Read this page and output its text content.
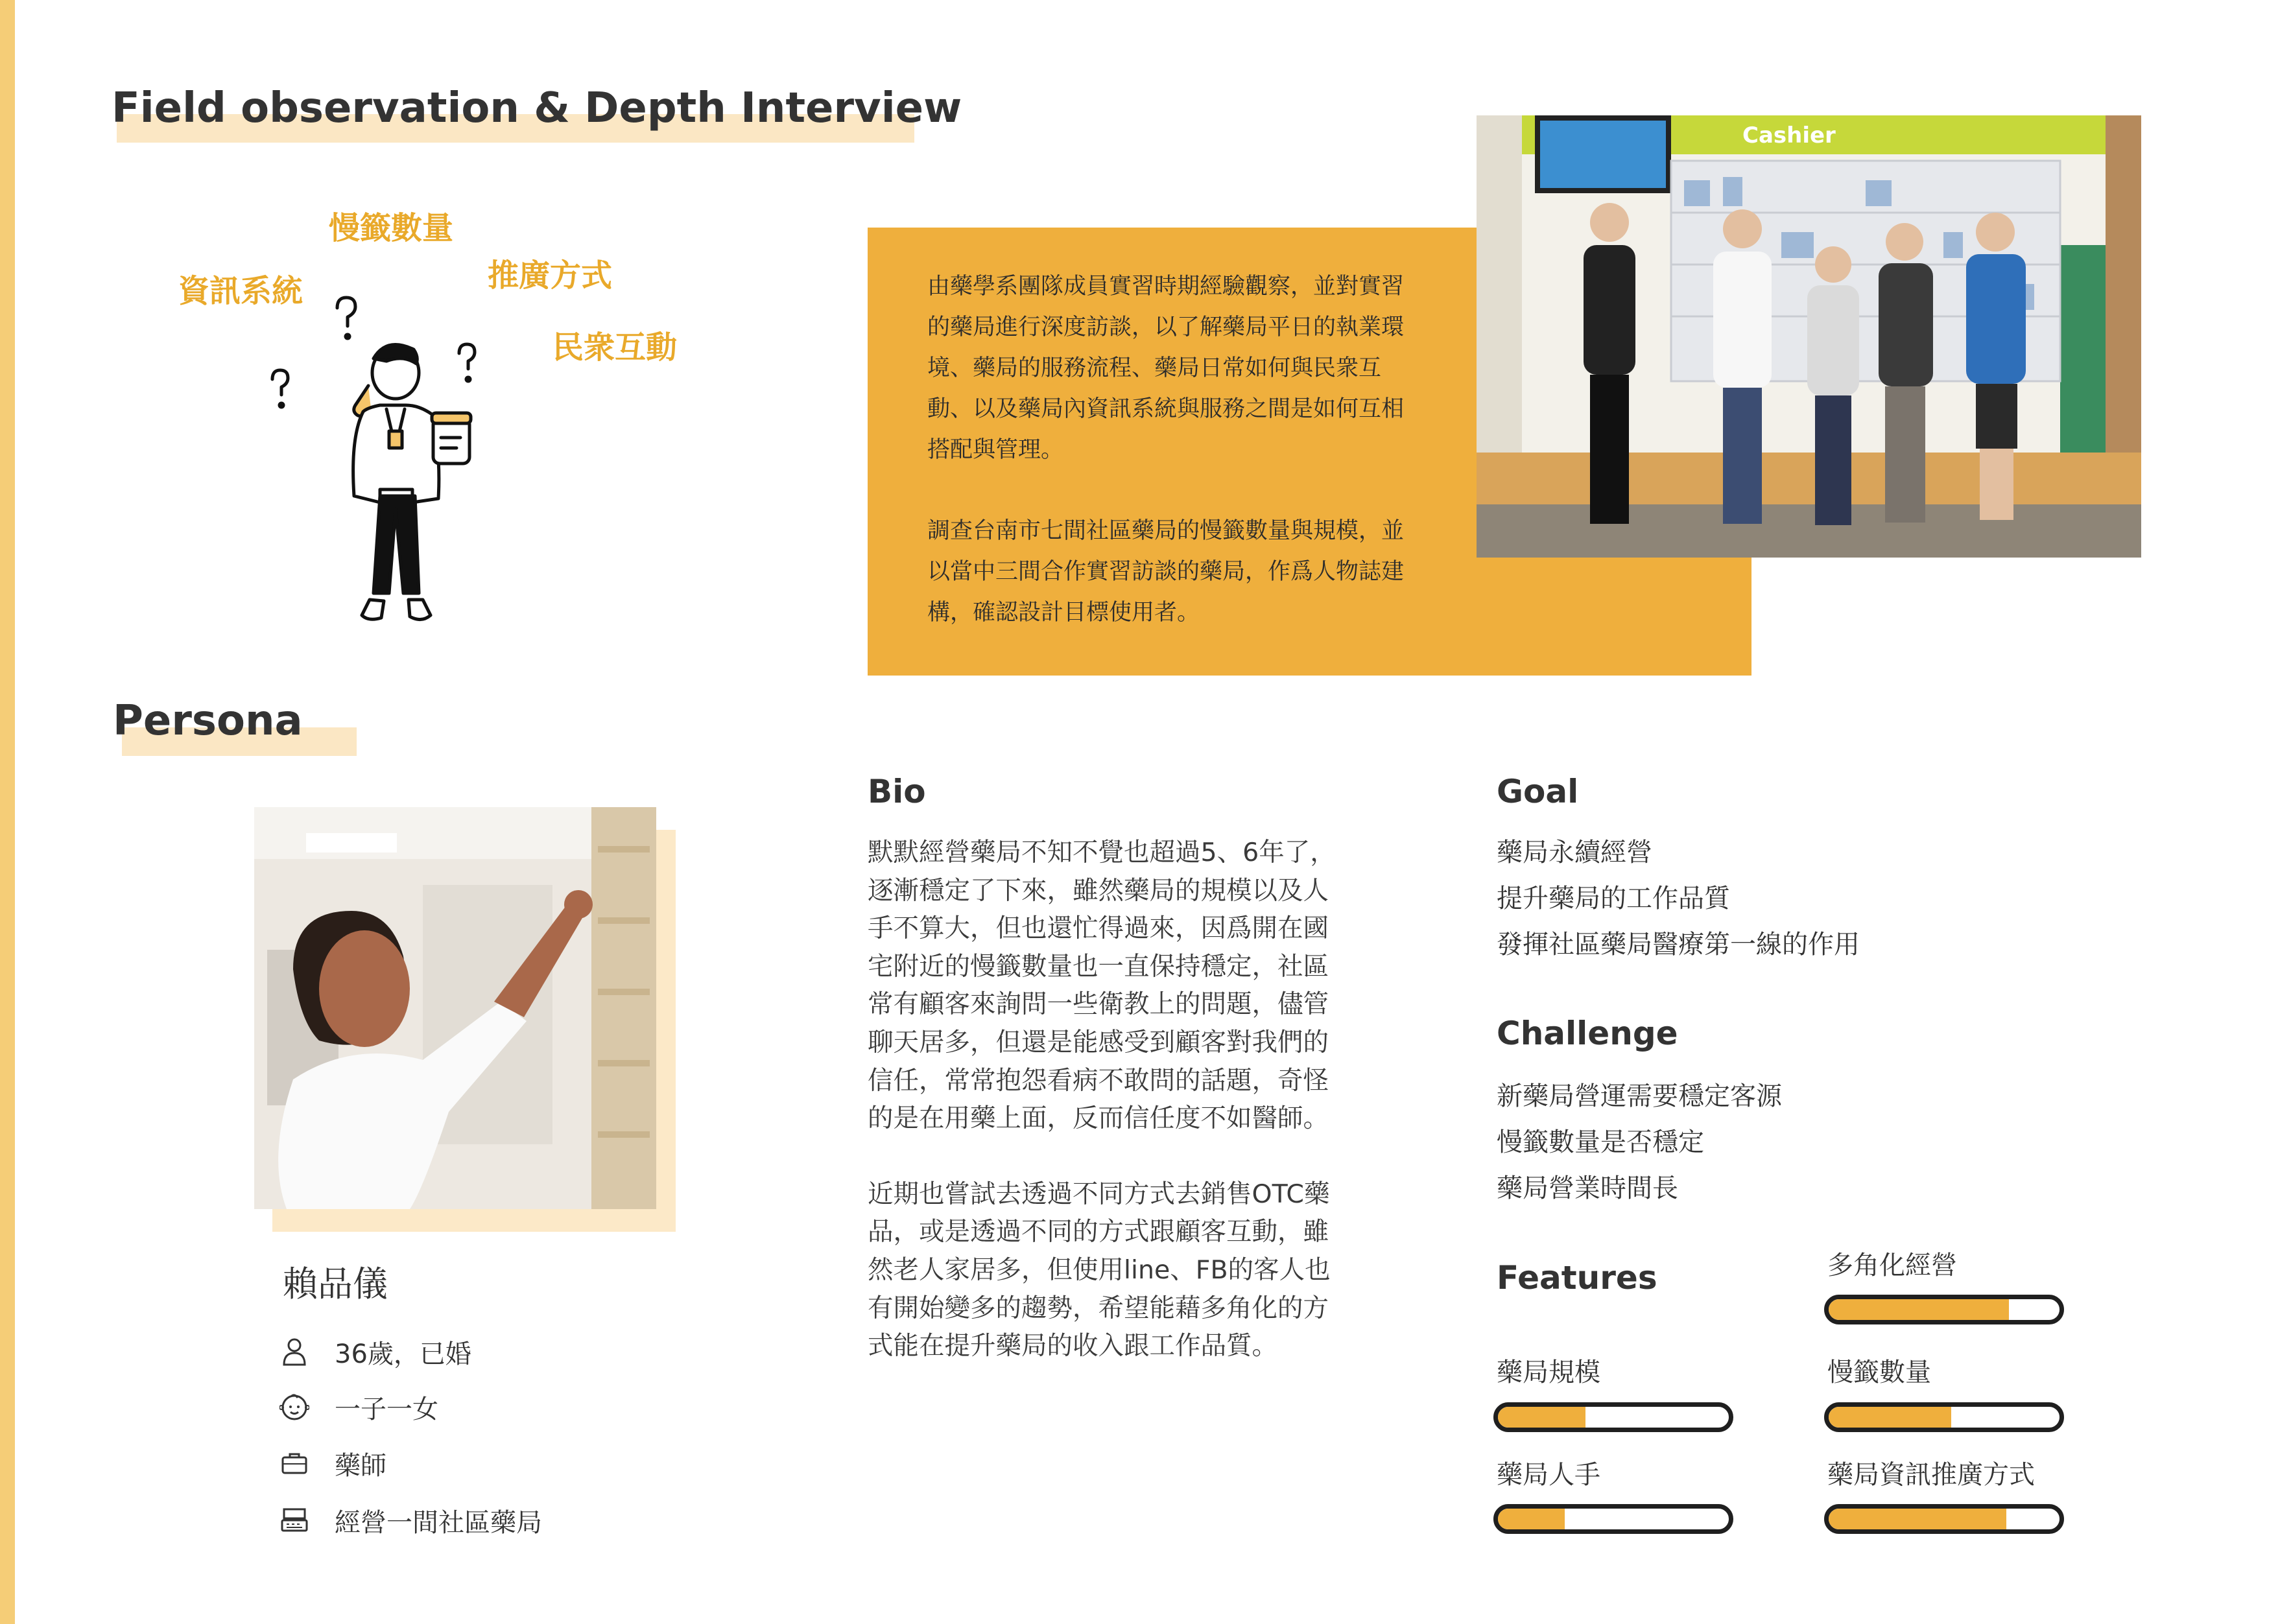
Field observation & Depth Interview
慢籤數量
推廣方式
資訊系統
民衆互動

由藥學系團隊成員實習時期經驗觀察，並對實習的藥局進行深度訪談，以了解藥局平日的執業環境、藥局的服務流程、藥局日常如何與民衆互動、以及藥局內資訊系統與服務之間是如何互相搭配與管理。

調查台南市七間社區藥局的慢籤數量與規模，並以當中三間合作實習訪談的藥局，作爲人物誌建構，確認設計目標使用者。

Cashier
Persona
賴品儀
36歲，已婚
一子一女
藥師
經營一間社區藥局
Bio

默默經營藥局不知不覺也超過5、6年了，逐漸穩定了下來，雖然藥局的規模以及人手不算大，但也還忙得過來，因爲開在國宅附近的慢籤數量也一直保持穩定，社區常有顧客來詢問一些衛教上的問題，儘管聊天居多，但還是能感受到顧客對我們的信任，常常抱怨看病不敢問的話題，奇怪的是在用藥上面，反而信任度不如醫師。

近期也嘗試去透過不同方式去銷售OTC藥品，或是透過不同的方式跟顧客互動，雖然老人家居多，但使用line、FB的客人也有開始變多的趨勢，希望能藉多角化的方式能在提升藥局的收入跟工作品質。

Goal
藥局永續經營
提升藥局的工作品質
發揮社區藥局醫療第一線的作用
Challenge
新藥局營運需要穩定客源
慢籤數量是否穩定
藥局營業時間長
Features	多角化經營
藥局規模	慢籤數量
藥局人手	藥局資訊推廣方式
